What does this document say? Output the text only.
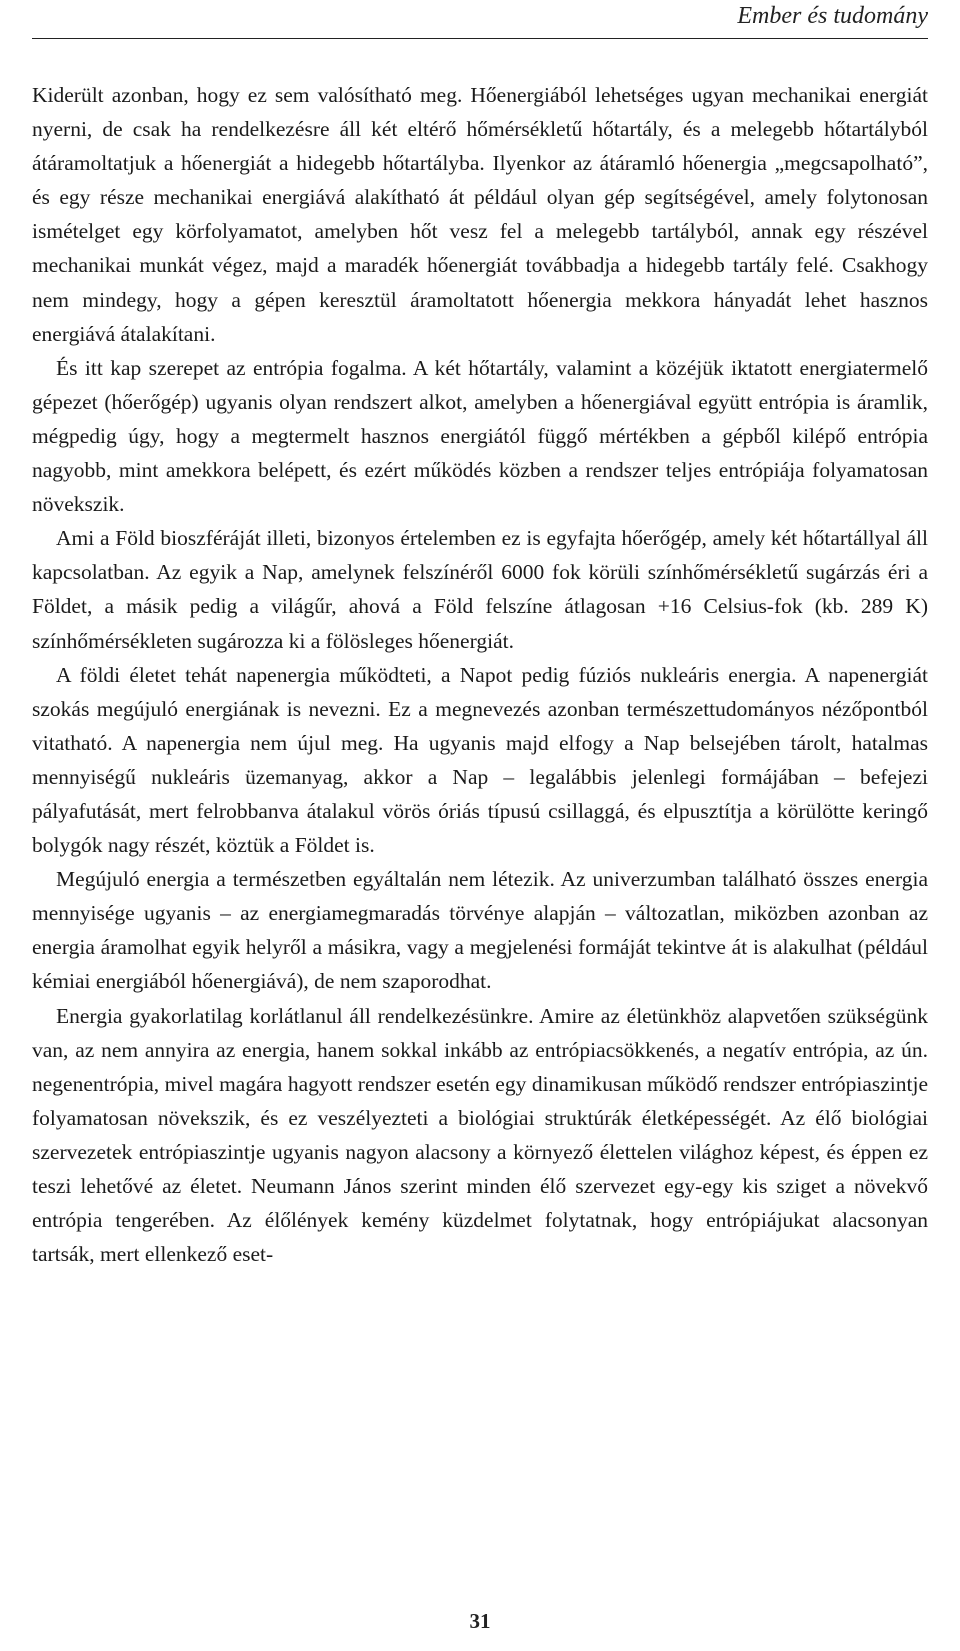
Ember és tudomány

Kiderült azonban, hogy ez sem valósítható meg. Hőenergiából lehetséges ugyan mechanikai energiát nyerni, de csak ha rendelkezésre áll két eltérő hőmérsékletű hőtartály, és a melegebb hőtartályból átáramoltatjuk a hőenergiát a hidegebb hőtartályba. Ilyenkor az átáramló hőenergia „megcsapolható”, és egy része mechanikai energiává alakítható át például olyan gép segítségével, amely folytonosan ismételget egy körfolyamatot, amelyben hőt vesz fel a melegebb tartályból, annak egy részével mechanikai munkát végez, majd a maradék hőenergiát továbbadja a hidegebb tartály felé. Csakhogy nem mindegy, hogy a gépen keresztül áramoltatott hőenergia mekkora hányadát lehet hasznos energiává átalakítani.

És itt kap szerepet az entrópia fogalma. A két hőtartály, valamint a közéjük iktatott energiatermelő gépezet (hőerőgép) ugyanis olyan rendszert alkot, amelyben a hőenergiával együtt entrópia is áramlik, mégpedig úgy, hogy a megtermelt hasznos energiától függő mértékben a gépből kilépő entrópia nagyobb, mint amekkora belépett, és ezért működés közben a rendszer teljes entrópiája folyamatosan növekszik.

Ami a Föld bioszféráját illeti, bizonyos értelemben ez is egyfajta hőerőgép, amely két hőtartállyal áll kapcsolatban. Az egyik a Nap, amelynek felszínéről 6000 fok körüli színhőmérsékletű sugárzás éri a Földet, a másik pedig a világűr, ahová a Föld felszíne átlagosan +16 Celsius-fok (kb. 289 K) színhőmérsékleten sugározza ki a fölösleges hőenergiát.

A földi életet tehát napenergia működteti, a Napot pedig fúziós nukleáris energia. A napenergiát szokás megújuló energiának is nevezni. Ez a megnevezés azonban természettudományos nézőpontból vitatható. A napenergia nem újul meg. Ha ugyanis majd elfogy a Nap belsejében tárolt, hatalmas mennyiségű nukleáris üzemanyag, akkor a Nap – legalábbis jelenlegi formájában – befejezi pályafutását, mert felrobbanva átalakul vörös óriás típusú csillaggá, és elpusztítja a körülötte keringő bolygók nagy részét, köztük a Földet is.

Megújuló energia a természetben egyáltalán nem létezik. Az univerzumban található összes energia mennyisége ugyanis – az energiamegmaradás törvénye alapján – változatlan, miközben azonban az energia áramolhat egyik helyről a másikra, vagy a megjelenési formáját tekintve át is alakulhat (például kémiai energiából hőenergiává), de nem szaporodhat.

Energia gyakorlatilag korlátlanul áll rendelkezésünkre. Amire az életünkhöz alapvetően szükségünk van, az nem annyira az energia, hanem sokkal inkább az entrópiacsökkenés, a negatív entrópia, az ún. negenentrópia, mivel magára hagyott rendszer esetén egy dinamikusan működő rendszer entrópiaszintje folyamatosan növekszik, és ez veszélyezteti a biológiai struktúrák életképességét. Az élő biológiai szervezetek entrópiaszintje ugyanis nagyon alacsony a környező élettelen világhoz képest, és éppen ez teszi lehetővé az életet. Neumann János szerint minden élő szervezet egy-egy kis sziget a növekvő entrópia tengerében. Az élőlények kemény küzdelmet folytatnak, hogy entrópiájukat alacsonyan tartsák, mert ellenkező eset-

31
